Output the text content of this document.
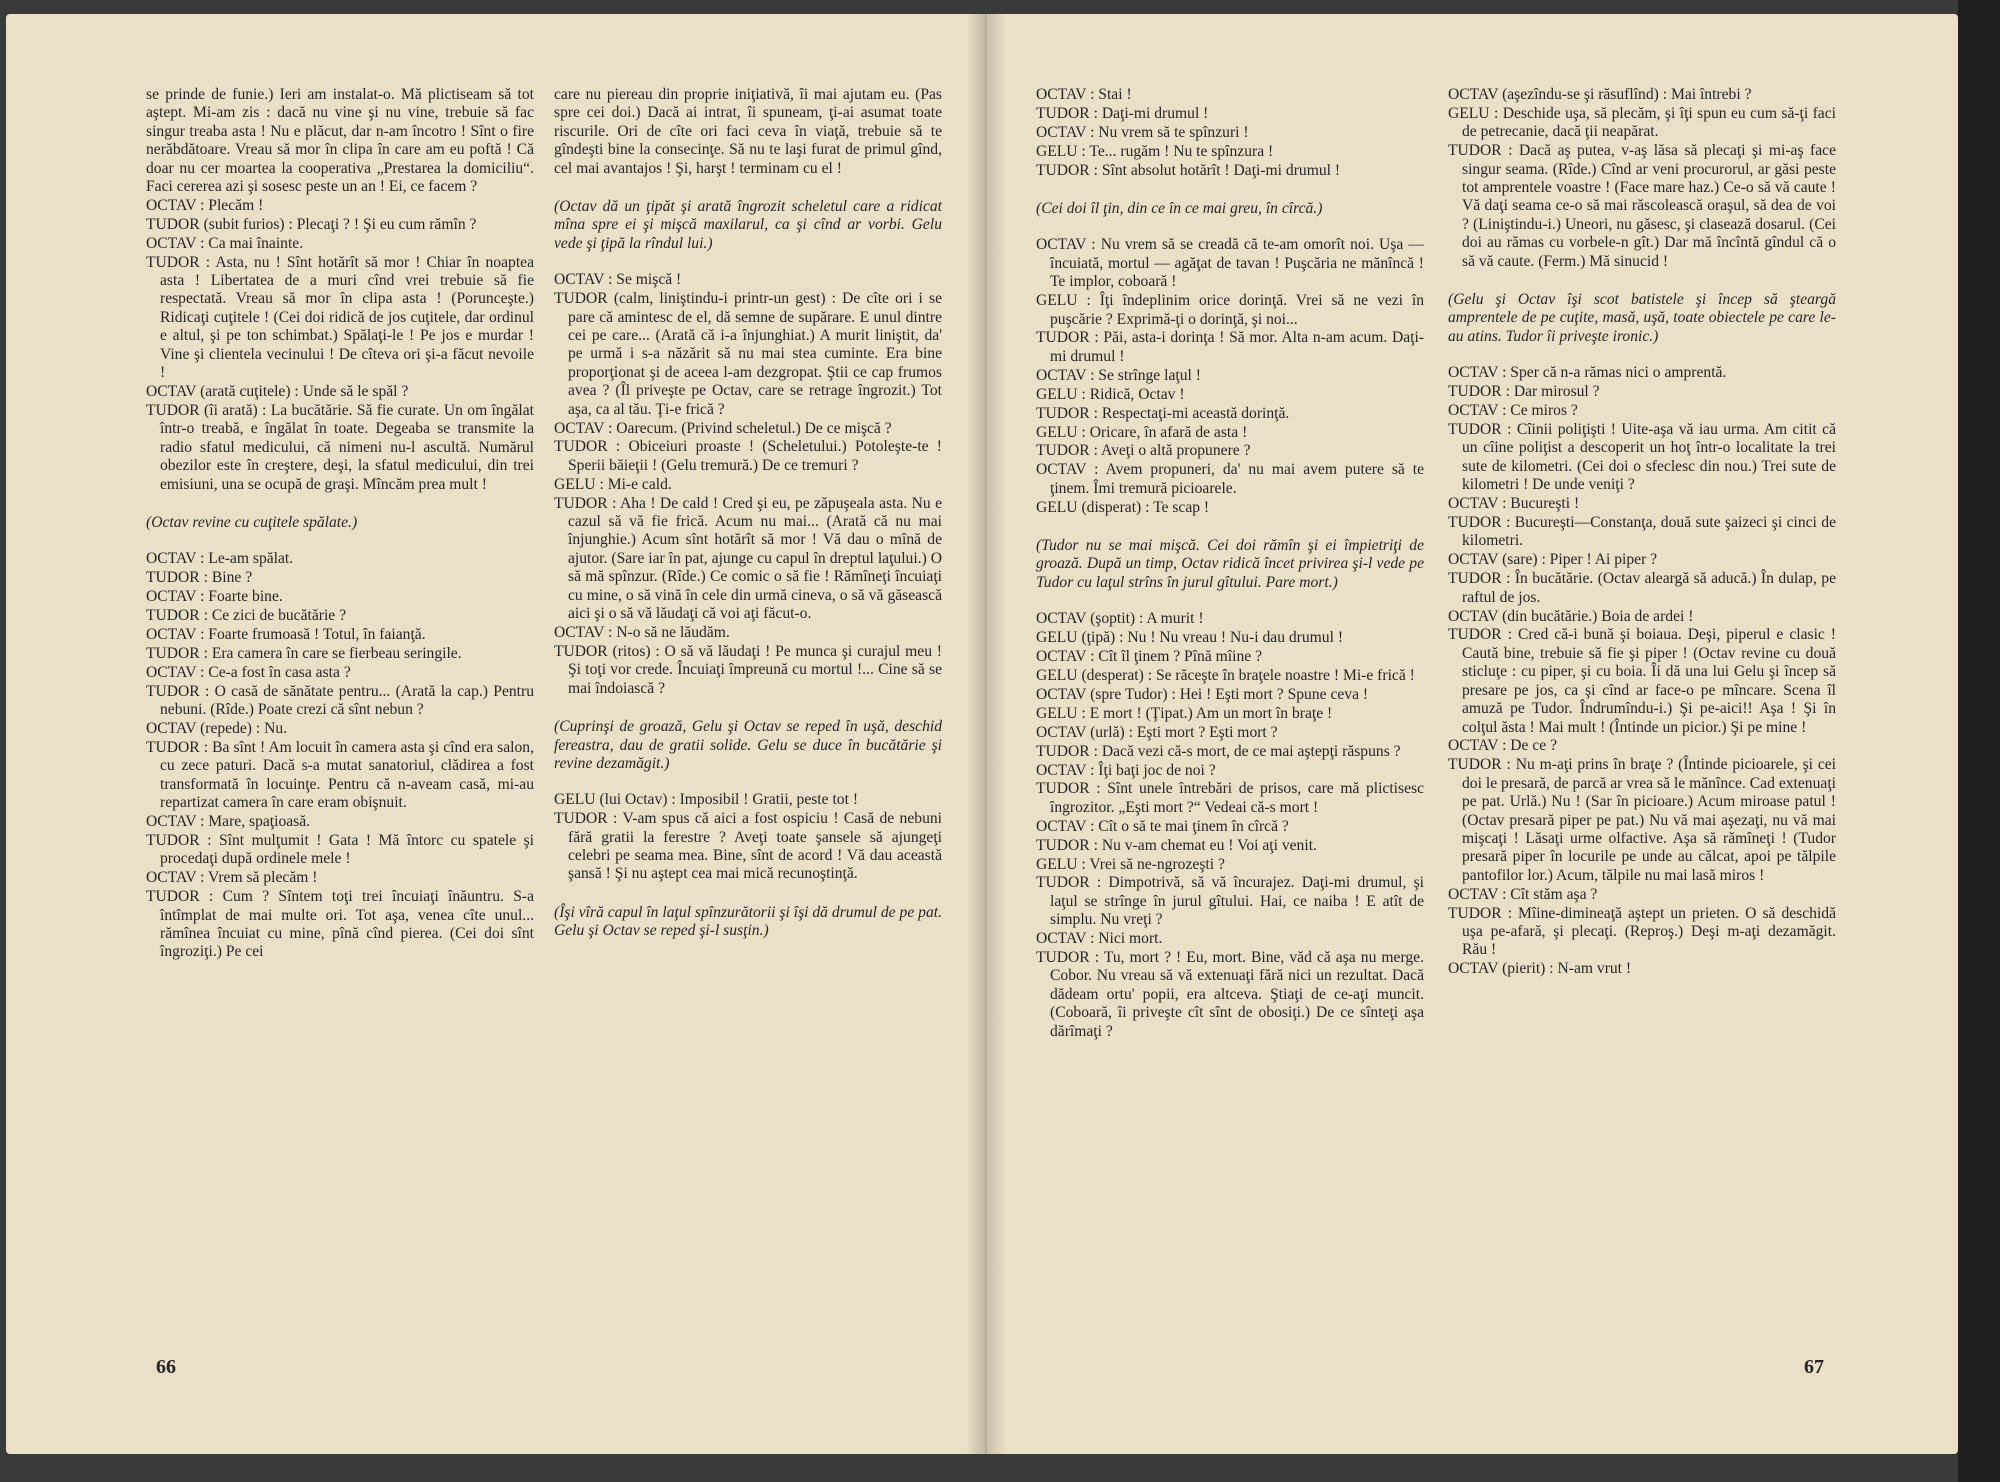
se prinde de funie.) Ieri am instalat-o. Mă plictiseam să tot aştept. Mi-am zis : dacă nu vine şi nu vine, trebuie să fac singur treaba asta ! Nu e plăcut, dar n-am încotro ! Sînt o fire nerăbdătoare. Vreau să mor în clipa în care am eu poftă ! Că doar nu cer moartea la cooperativa „Prestarea la domiciliu“. Faci cererea azi şi sosesc peste un an ! Ei, ce facem ?

OCTAV : Plecăm !

TUDOR (subit furios) : Plecaţi ? ! Şi eu cum rămîn ?

OCTAV : Ca mai înainte.

TUDOR : Asta, nu ! Sînt hotărît să mor ! Chiar în noaptea asta ! Libertatea de a muri cînd vrei trebuie să fie respectată. Vreau să mor în clipa asta ! (Porunceşte.) Ridicaţi cuţitele ! (Cei doi ridică de jos cuţitele, dar ordinul e altul, şi pe ton schimbat.) Spălaţi-le ! Pe jos e murdar ! Vine şi clientela vecinului ! De cîteva ori şi-a făcut nevoile !

OCTAV (arată cuţitele) : Unde să le spăl ?

TUDOR (îi arată) : La bucătărie. Să fie curate. Un om îngălat într-o treabă, e îngălat în toate. Degeaba se transmite la radio sfatul medicului, că nimeni nu-l ascultă. Numărul obezilor este în creştere, deşi, la sfatul medicului, din trei emisiuni, una se ocupă de graşi. Mîncăm prea mult !

(Octav revine cu cuţitele spălate.)

OCTAV : Le-am spălat.

TUDOR : Bine ?

OCTAV : Foarte bine.

TUDOR : Ce zici de bucătărie ?

OCTAV : Foarte frumoasă ! Totul, în faianţă.

TUDOR : Era camera în care se fierbeau seringile.

OCTAV : Ce-a fost în casa asta ?

TUDOR : O casă de sănătate pentru... (Arată la cap.) Pentru nebuni. (Rîde.) Poate crezi că sînt nebun ?

OCTAV (repede) : Nu.

TUDOR : Ba sînt ! Am locuit în camera asta şi cînd era salon, cu zece paturi. Dacă s-a mutat sanatoriul, clădirea a fost transformată în locuinţe. Pentru că n-aveam casă, mi-au repartizat camera în care eram obişnuit.

OCTAV : Mare, spaţioasă.

TUDOR : Sînt mulţumit ! Gata ! Mă întorc cu spatele şi procedaţi după ordinele mele !

OCTAV : Vrem să plecăm !

TUDOR : Cum ? Sîntem toţi trei încuiaţi înăuntru. S-a întîmplat de mai multe ori. Tot aşa, venea cîte unul... rămînea încuiat cu mine, pînă cînd pierea. (Cei doi sînt îngroziţi.) Pe cei

care nu piereau din proprie iniţiativă, îi mai ajutam eu. (Pas spre cei doi.) Dacă ai intrat, îi spuneam, ţi-ai asumat toate riscurile. Ori de cîte ori faci ceva în viaţă, trebuie să te gîndeşti bine la consecinţe. Să nu te laşi furat de primul gînd, cel mai avantajos ! Şi, harşt ! terminam cu el !

(Octav dă un ţipăt şi arată îngrozit scheletul care a ridicat mîna spre ei şi mişcă maxilarul, ca şi cînd ar vorbi. Gelu vede şi ţipă la rîndul lui.)

OCTAV : Se mişcă !

TUDOR (calm, liniştindu-i printr-un gest) : De cîte ori i se pare că amintesc de el, dă semne de supărare. E unul dintre cei pe care... (Arată că i-a înjunghiat.) A murit liniştit, da' pe urmă i s-a năzărit să nu mai stea cuminte. Era bine proporţionat şi de aceea l-am dezgropat. Ştii ce cap frumos avea ? (Îl priveşte pe Octav, care se retrage îngrozit.) Tot aşa, ca al tău. Ţi-e frică ?

OCTAV : Oarecum. (Privind scheletul.) De ce mişcă ?

TUDOR : Obiceiuri proaste ! (Scheletului.) Potoleşte-te ! Sperii băieţii ! (Gelu tremură.) De ce tremuri ?

GELU : Mi-e cald.

TUDOR : Aha ! De cald ! Cred şi eu, pe zăpuşeala asta. Nu e cazul să vă fie frică. Acum nu mai... (Arată că nu mai înjunghie.) Acum sînt hotărît să mor ! Vă dau o mînă de ajutor. (Sare iar în pat, ajunge cu capul în dreptul laţului.) O să mă spînzur. (Rîde.) Ce comic o să fie ! Rămîneţi încuiaţi cu mine, o să vină în cele din urmă cineva, o să vă găsească aici şi o să vă lăudaţi că voi aţi făcut-o.

OCTAV : N-o să ne lăudăm.

TUDOR (ritos) : O să vă lăudaţi ! Pe munca şi curajul meu ! Şi toţi vor crede. Încuiaţi împreună cu mortul !... Cine să se mai îndoiască ?

(Cuprinşi de groază, Gelu şi Octav se reped în uşă, deschid fereastra, dau de gratii solide. Gelu se duce în bucătărie şi revine dezamăgit.)

GELU (lui Octav) : Imposibil ! Gratii, peste tot !

TUDOR : V-am spus că aici a fost ospiciu ! Casă de nebuni fără gratii la ferestre ? Aveţi toate şansele să ajungeţi celebri pe seama mea. Bine, sînt de acord ! Vă dau această şansă ! Şi nu aştept cea mai mică recunoştinţă.

(Îşi vîră capul în laţul spînzurătorii şi îşi dă drumul de pe pat. Gelu şi Octav se reped şi-l susţin.)

66

OCTAV : Stai !

TUDOR : Daţi-mi drumul !

OCTAV : Nu vrem să te spînzuri !

GELU : Te... rugăm ! Nu te spînzura !

TUDOR : Sînt absolut hotărît ! Daţi-mi drumul !

(Cei doi îl ţin, din ce în ce mai greu, în cîrcă.)

OCTAV : Nu vrem să se creadă că te-am omorît noi. Uşa — încuiată, mortul — agăţat de tavan ! Puşcăria ne mănîncă ! Te implor, coboară !

GELU : Îţi îndeplinim orice dorinţă. Vrei să ne vezi în puşcărie ? Exprimă-ţi o dorinţă, şi noi...

TUDOR : Păi, asta-i dorinţa ! Să mor. Alta n-am acum. Daţi-mi drumul !

OCTAV : Se strînge laţul !

GELU : Ridică, Octav !

TUDOR : Respectaţi-mi această dorinţă.

GELU : Oricare, în afară de asta !

TUDOR : Aveţi o altă propunere ?

OCTAV : Avem propuneri, da' nu mai avem putere să te ţinem. Îmi tremură picioarele.

GELU (disperat) : Te scap !

(Tudor nu se mai mişcă. Cei doi rămîn şi ei împietriţi de groază. După un timp, Octav ridică încet privirea şi-l vede pe Tudor cu laţul strîns în jurul gîtului. Pare mort.)

OCTAV (şoptit) : A murit !

GELU (ţipă) : Nu ! Nu vreau ! Nu-i dau drumul !

OCTAV : Cît îl ţinem ? Pînă mîine ?

GELU (desperat) : Se răceşte în braţele noastre ! Mi-e frică !

OCTAV (spre Tudor) : Hei ! Eşti mort ? Spune ceva !

GELU : E mort ! (Ţipat.) Am un mort în braţe !

OCTAV (urlă) : Eşti mort ? Eşti mort ?

TUDOR : Dacă vezi că-s mort, de ce mai aştepţi răspuns ?

OCTAV : Îţi baţi joc de noi ?

TUDOR : Sînt unele întrebări de prisos, care mă plictisesc îngrozitor. „Eşti mort ?“ Vedeai că-s mort !

OCTAV : Cît o să te mai ţinem în cîrcă ?

TUDOR : Nu v-am chemat eu ! Voi aţi venit.

GELU : Vrei să ne-ngrozeşti ?

TUDOR : Dimpotrivă, să vă încurajez. Daţi-mi drumul, şi laţul se strînge în jurul gîtului. Hai, ce naiba ! E atît de simplu. Nu vreţi ?

OCTAV : Nici mort.

TUDOR : Tu, mort ? ! Eu, mort. Bine, văd că aşa nu merge. Cobor. Nu vreau să vă extenuaţi fără nici un rezultat. Dacă dădeam ortu' popii, era altceva. Ştiaţi de ce-aţi muncit. (Coboară, îi priveşte cît sînt de obosiţi.) De ce sînteţi aşa dărîmaţi ?

OCTAV (aşezîndu-se şi răsuflînd) : Mai întrebi ?

GELU : Deschide uşa, să plecăm, şi îţi spun eu cum să-ţi faci de petrecanie, dacă ţii neapărat.

TUDOR : Dacă aş putea, v-aş lăsa să plecaţi şi mi-aş face singur seama. (Rîde.) Cînd ar veni procurorul, ar găsi peste tot amprentele voastre ! (Face mare haz.) Ce-o să vă caute ! Vă daţi seama ce-o să mai răscolească oraşul, să dea de voi ? (Liniştindu-i.) Uneori, nu găsesc, şi clasează dosarul. (Cei doi au rămas cu vorbele-n gît.) Dar mă încîntă gîndul că o să vă caute. (Ferm.) Mă sinucid !

(Gelu şi Octav îşi scot batistele şi încep să şteargă amprentele de pe cuţite, masă, uşă, toate obiectele pe care le-au atins. Tudor îi priveşte ironic.)

OCTAV : Sper că n-a rămas nici o amprentă.

TUDOR : Dar mirosul ?

OCTAV : Ce miros ?

TUDOR : Cîinii poliţişti ! Uite-aşa vă iau urma. Am citit că un cîine poliţist a descoperit un hoţ într-o localitate la trei sute de kilometri. (Cei doi o sfeclesc din nou.) Trei sute de kilometri ! De unde veniţi ?

OCTAV : Bucureşti !

TUDOR : Bucureşti—Constanţa, două sute şaizeci şi cinci de kilometri.

OCTAV (sare) : Piper ! Ai piper ?

TUDOR : În bucătărie. (Octav aleargă să aducă.) În dulap, pe raftul de jos.

OCTAV (din bucătărie.) Boia de ardei !

TUDOR : Cred că-i bună şi boiaua. Deşi, piperul e clasic ! Caută bine, trebuie să fie şi piper ! (Octav revine cu două sticluţe : cu piper, şi cu boia. Îi dă una lui Gelu şi încep să presare pe jos, ca şi cînd ar face-o pe mîncare. Scena îl amuză pe Tudor. Îndrumîndu-i.) Şi pe-aici!! Aşa ! Şi în colţul ăsta ! Mai mult ! (Întinde un picior.) Şi pe mine !

OCTAV : De ce ?

TUDOR : Nu m-aţi prins în braţe ? (Întinde picioarele, şi cei doi le presară, de parcă ar vrea să le mănînce. Cad extenuaţi pe pat. Urlă.) Nu ! (Sar în picioare.) Acum miroase patul ! (Octav presară piper pe pat.) Nu vă mai aşezaţi, nu vă mai mişcaţi ! Lăsaţi urme olfactive. Aşa să rămîneţi ! (Tudor presară piper în locurile pe unde au călcat, apoi pe tălpile pantofilor lor.) Acum, tălpile nu mai lasă miros !

OCTAV : Cît stăm aşa ?

TUDOR : Mîine-dimineaţă aştept un prieten. O să deschidă uşa pe-afară, şi plecaţi. (Reproş.) Deşi m-aţi dezamăgit. Rău !

OCTAV (pierit) : N-am vrut !

67
